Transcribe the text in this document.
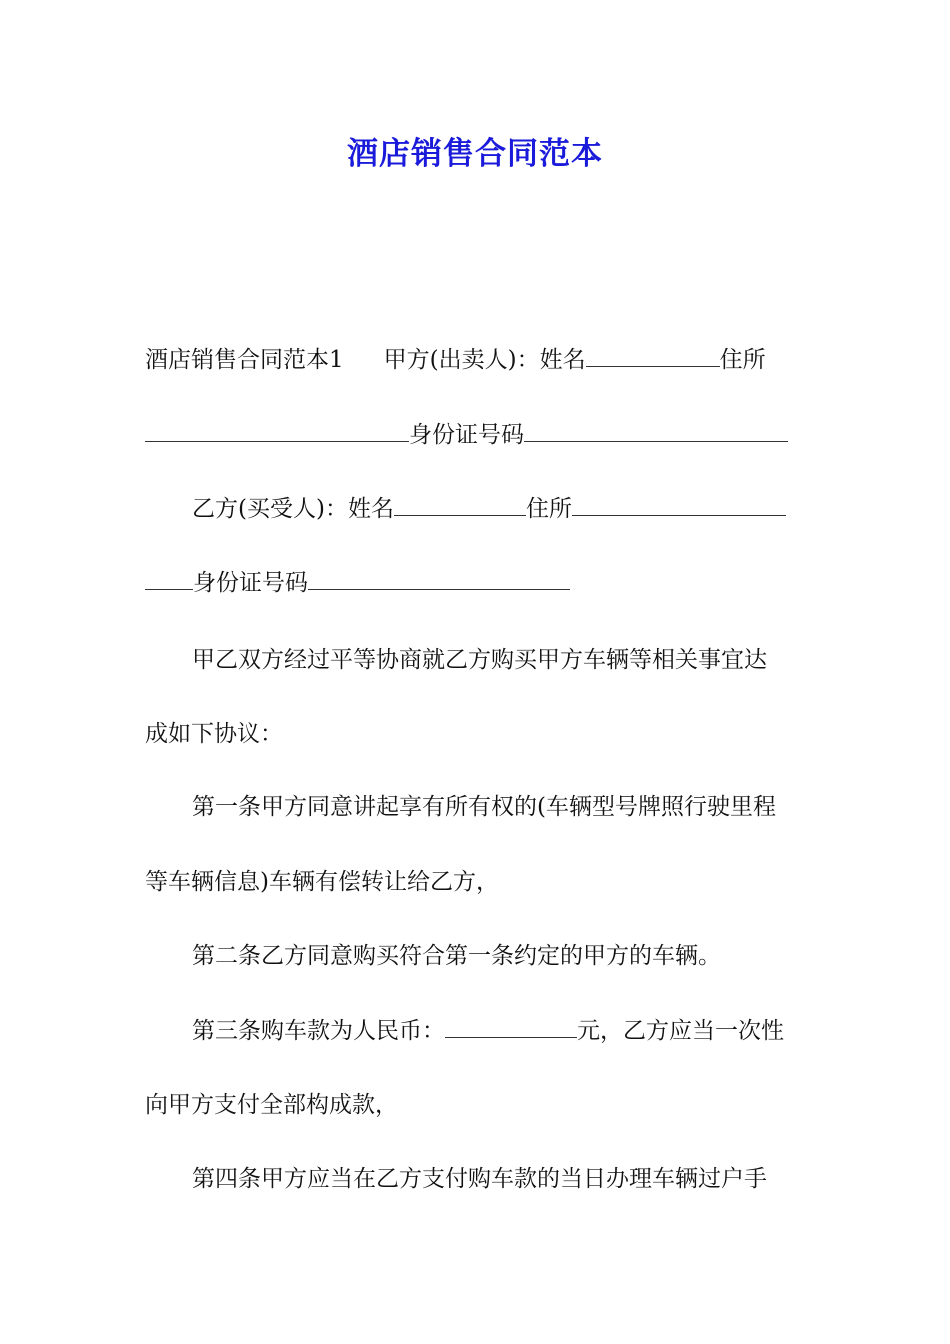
酒店销售合同范本
酒店销售合同范本1 甲方(出卖人)：姓名	住所
身份证号码
乙方(买受人)：姓名	住所
身份证号码
甲乙双方经过平等协商就乙方购买甲方车辆等相关事宜达
成如下协议：
第一条甲方同意讲起享有所有权的(车辆型号牌照行驶里程
等车辆信息)车辆有偿转让给乙方，
第二条乙方同意购买符合第一条约定的甲方的车辆。
第三条购车款为人民币：	元，乙方应当一次性
向甲方支付全部构成款，
第四条甲方应当在乙方支付购车款的当日办理车辆过户手
